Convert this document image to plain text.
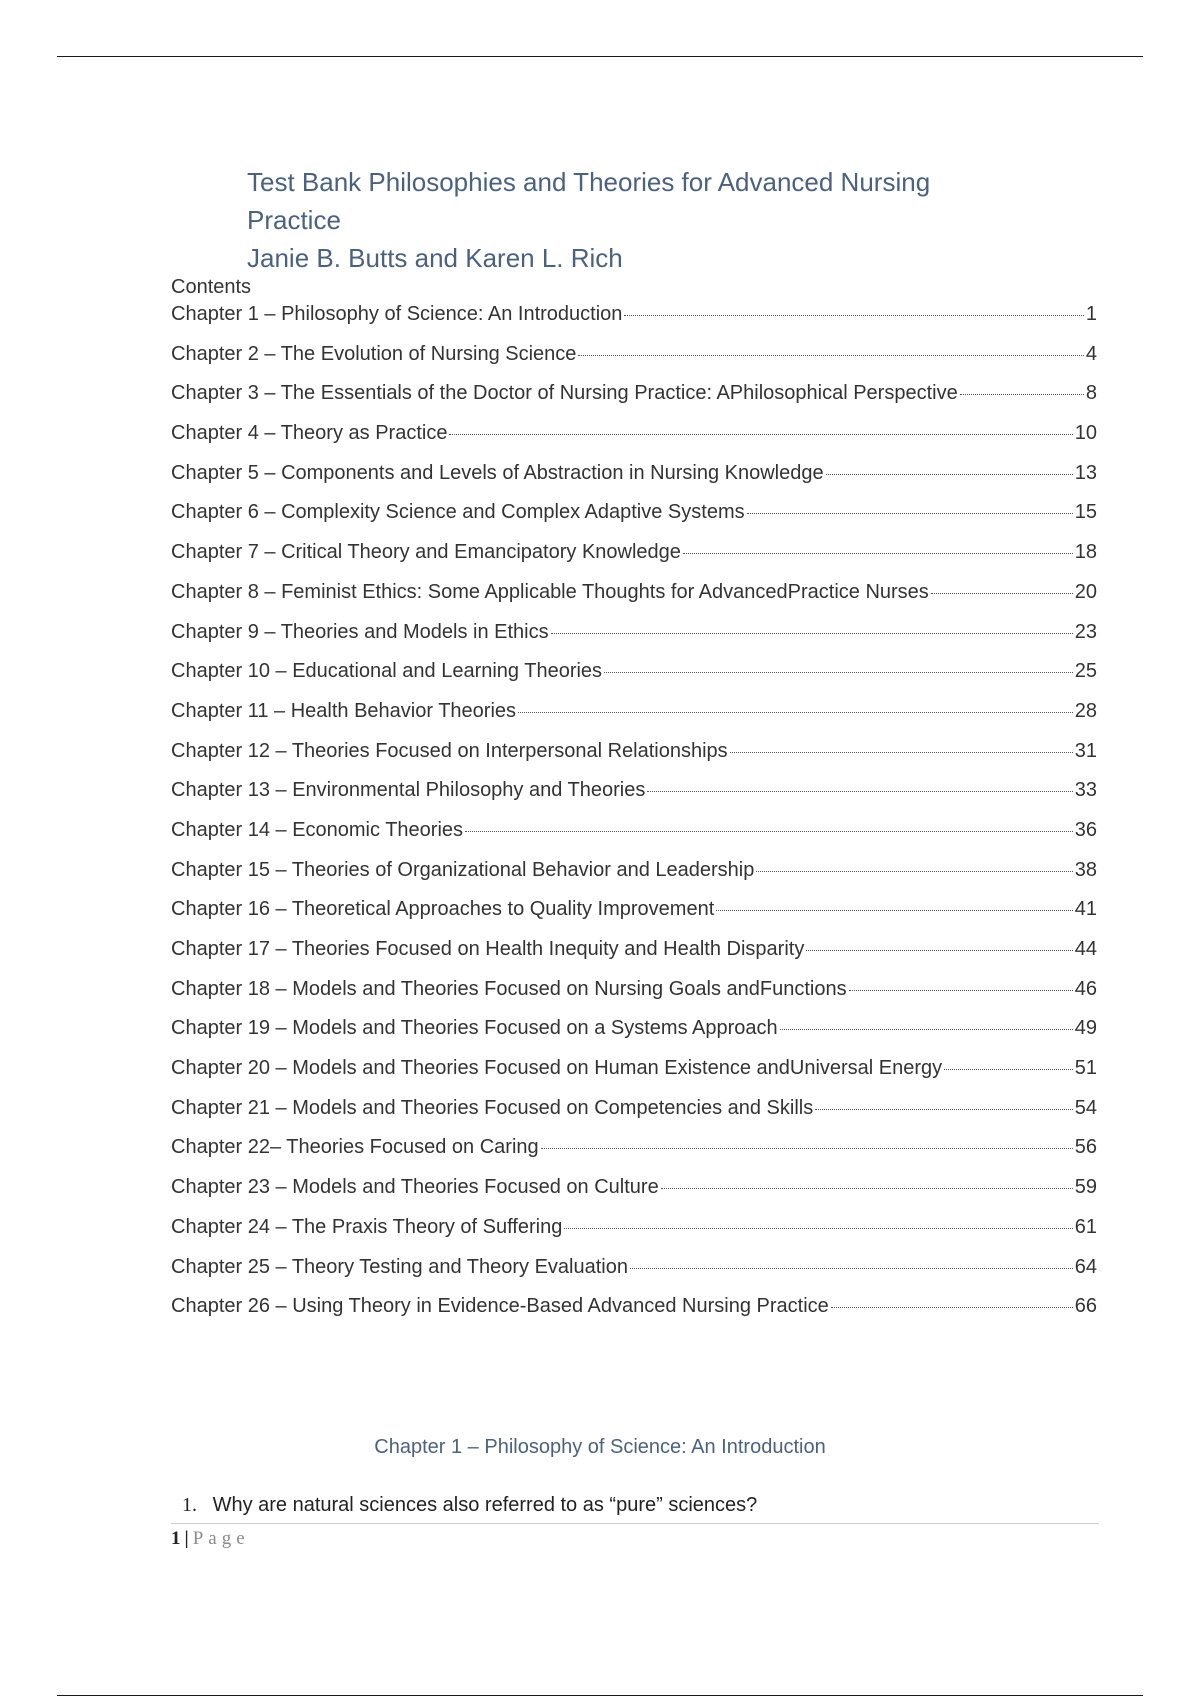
Test Bank Philosophies and Theories for Advanced Nursing
Practice
Janie B. Butts and Karen L. Rich
Contents
Chapter 1 – Philosophy of Science: An Introduction	1
Chapter 2 – The Evolution of Nursing Science	4
Chapter 3 – The Essentials of the Doctor of Nursing Practice: APhilosophical Perspective	8
Chapter 4 – Theory as Practice	10
Chapter 5 – Components and Levels of Abstraction in Nursing Knowledge	13
Chapter 6 – Complexity Science and Complex Adaptive Systems	15
Chapter 7 – Critical Theory and Emancipatory Knowledge	18
Chapter 8 – Feminist Ethics: Some Applicable Thoughts for AdvancedPractice Nurses	20
Chapter 9 – Theories and Models in Ethics	23
Chapter 10 – Educational and Learning Theories	25
Chapter 11 – Health Behavior Theories	28
Chapter 12 – Theories Focused on Interpersonal Relationships	31
Chapter 13 – Environmental Philosophy and Theories	33
Chapter 14 – Economic Theories	36
Chapter 15 – Theories of Organizational Behavior and Leadership	38
Chapter 16 – Theoretical Approaches to Quality Improvement	41
Chapter 17 – Theories Focused on Health Inequity and Health Disparity	44
Chapter 18 – Models and Theories Focused on Nursing Goals andFunctions	46
Chapter 19 – Models and Theories Focused on a Systems Approach	49
Chapter 20 – Models and Theories Focused on Human Existence andUniversal Energy	51
Chapter 21 – Models and Theories Focused on Competencies and Skills	54
Chapter 22– Theories Focused on Caring	56
Chapter 23 – Models and Theories Focused on Culture	59
Chapter 24 – The Praxis Theory of Suffering	61
Chapter 25 – Theory Testing and Theory Evaluation	64
Chapter 26 – Using Theory in Evidence-Based Advanced Nursing Practice	66
Chapter 1 – Philosophy of Science: An Introduction
1. Why are natural sciences also referred to as “pure” sciences?
1 | Page
